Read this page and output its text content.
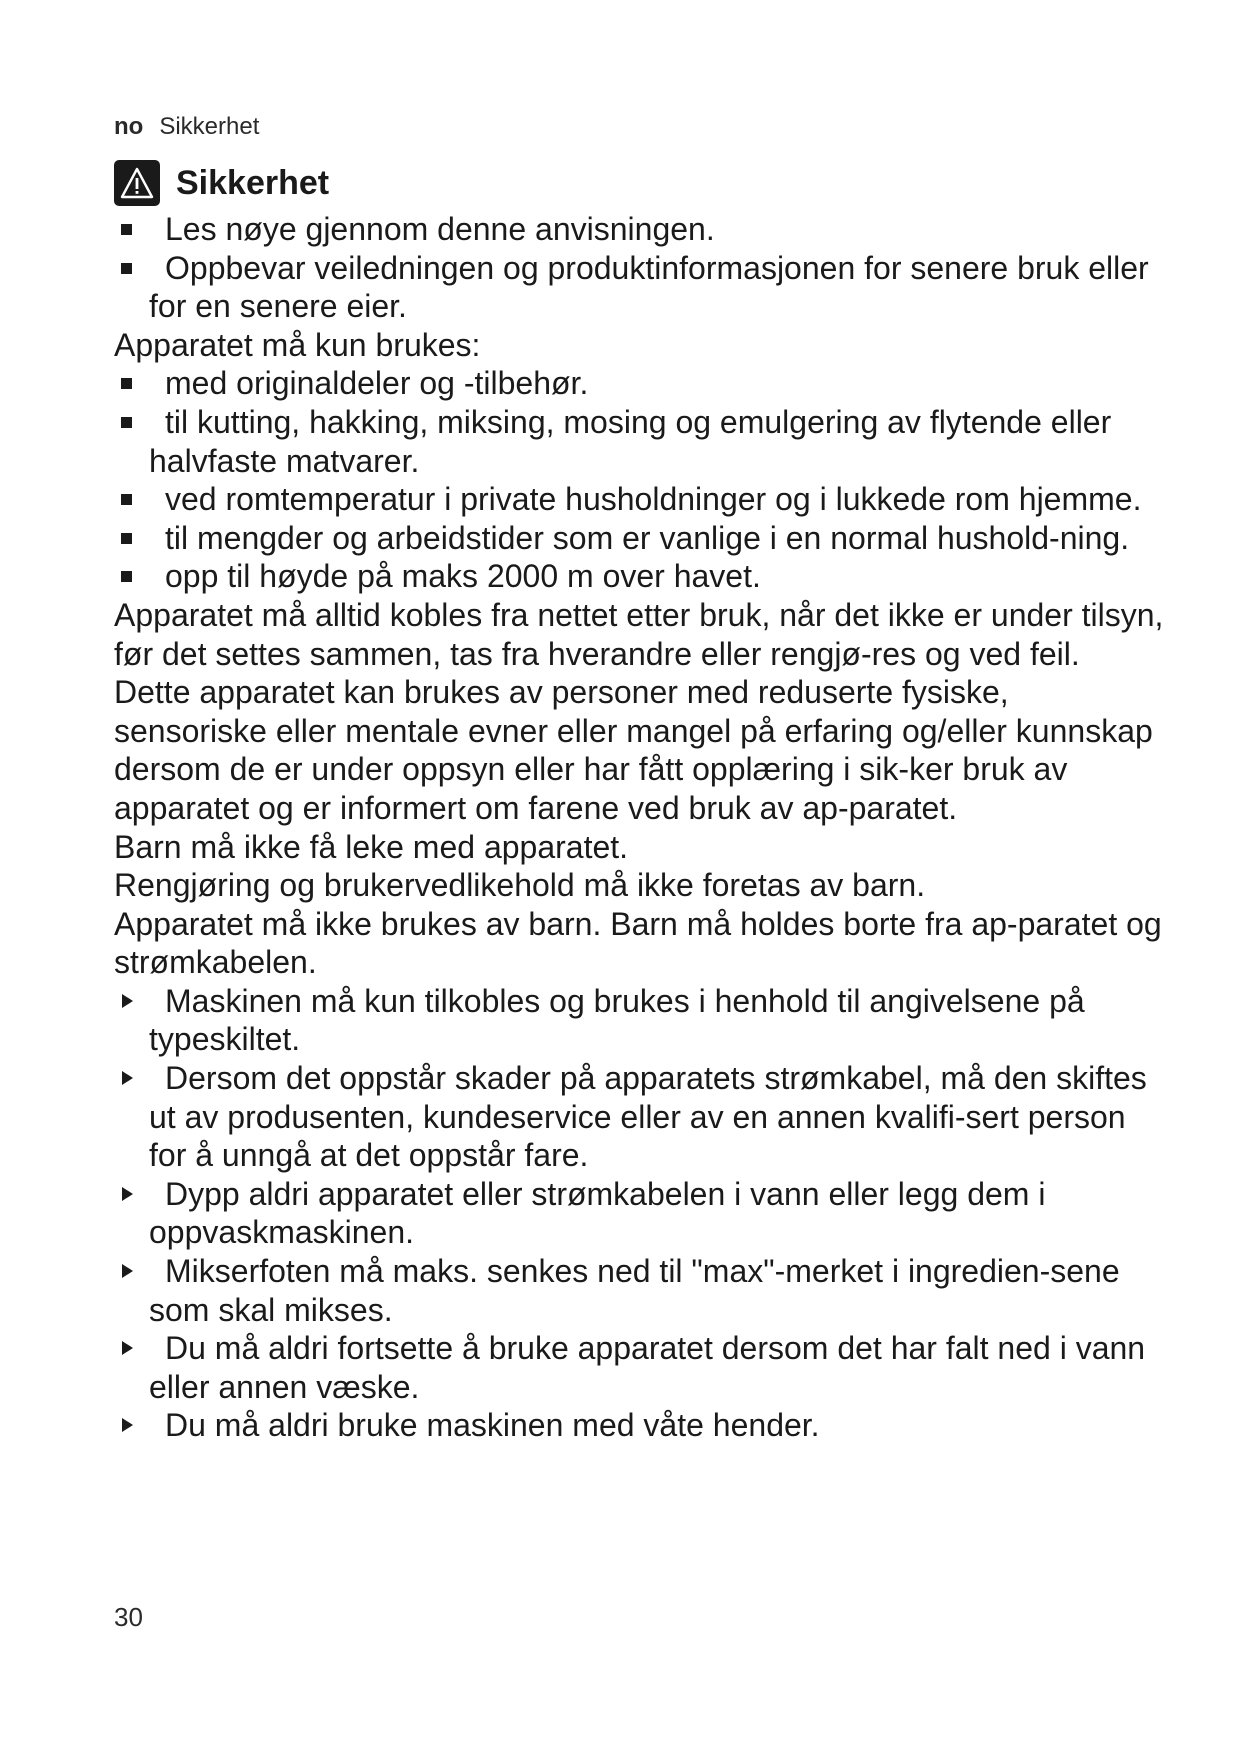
no Sikkerhet
Sikkerhet
Les nøye gjennom denne anvisningen.
Oppbevar veiledningen og produktinformasjonen for senere bruk eller for en senere eier.
Apparatet må kun brukes:
med originaldeler og -tilbehør.
til kutting, hakking, miksing, mosing og emulgering av flytende eller halvfaste matvarer.
ved romtemperatur i private husholdninger og i lukkede rom hjemme.
til mengder og arbeidstider som er vanlige i en normal hushold-ning.
opp til høyde på maks 2000 m over havet.
Apparatet må alltid kobles fra nettet etter bruk, når det ikke er under tilsyn, før det settes sammen, tas fra hverandre eller rengjø-res og ved feil.
Dette apparatet kan brukes av personer med reduserte fysiske, sensoriske eller mentale evner eller mangel på erfaring og/eller kunnskap dersom de er under oppsyn eller har fått opplæring i sik-ker bruk av apparatet og er informert om farene ved bruk av ap-paratet.
Barn må ikke få leke med apparatet.
Rengjøring og brukervedlikehold må ikke foretas av barn.
Apparatet må ikke brukes av barn. Barn må holdes borte fra ap-paratet og strømkabelen.
Maskinen må kun tilkobles og brukes i henhold til angivelsene på typeskiltet.
Dersom det oppstår skader på apparatets strømkabel, må den skiftes ut av produsenten, kundeservice eller av en annen kvalifi-sert person for å unngå at det oppstår fare.
Dypp aldri apparatet eller strømkabelen i vann eller legg dem i oppvaskmaskinen.
Mikserfoten må maks. senkes ned til "max"-merket i ingredien-sene som skal mikses.
Du må aldri fortsette å bruke apparatet dersom det har falt ned i vann eller annen væske.
Du må aldri bruke maskinen med våte hender.
30
